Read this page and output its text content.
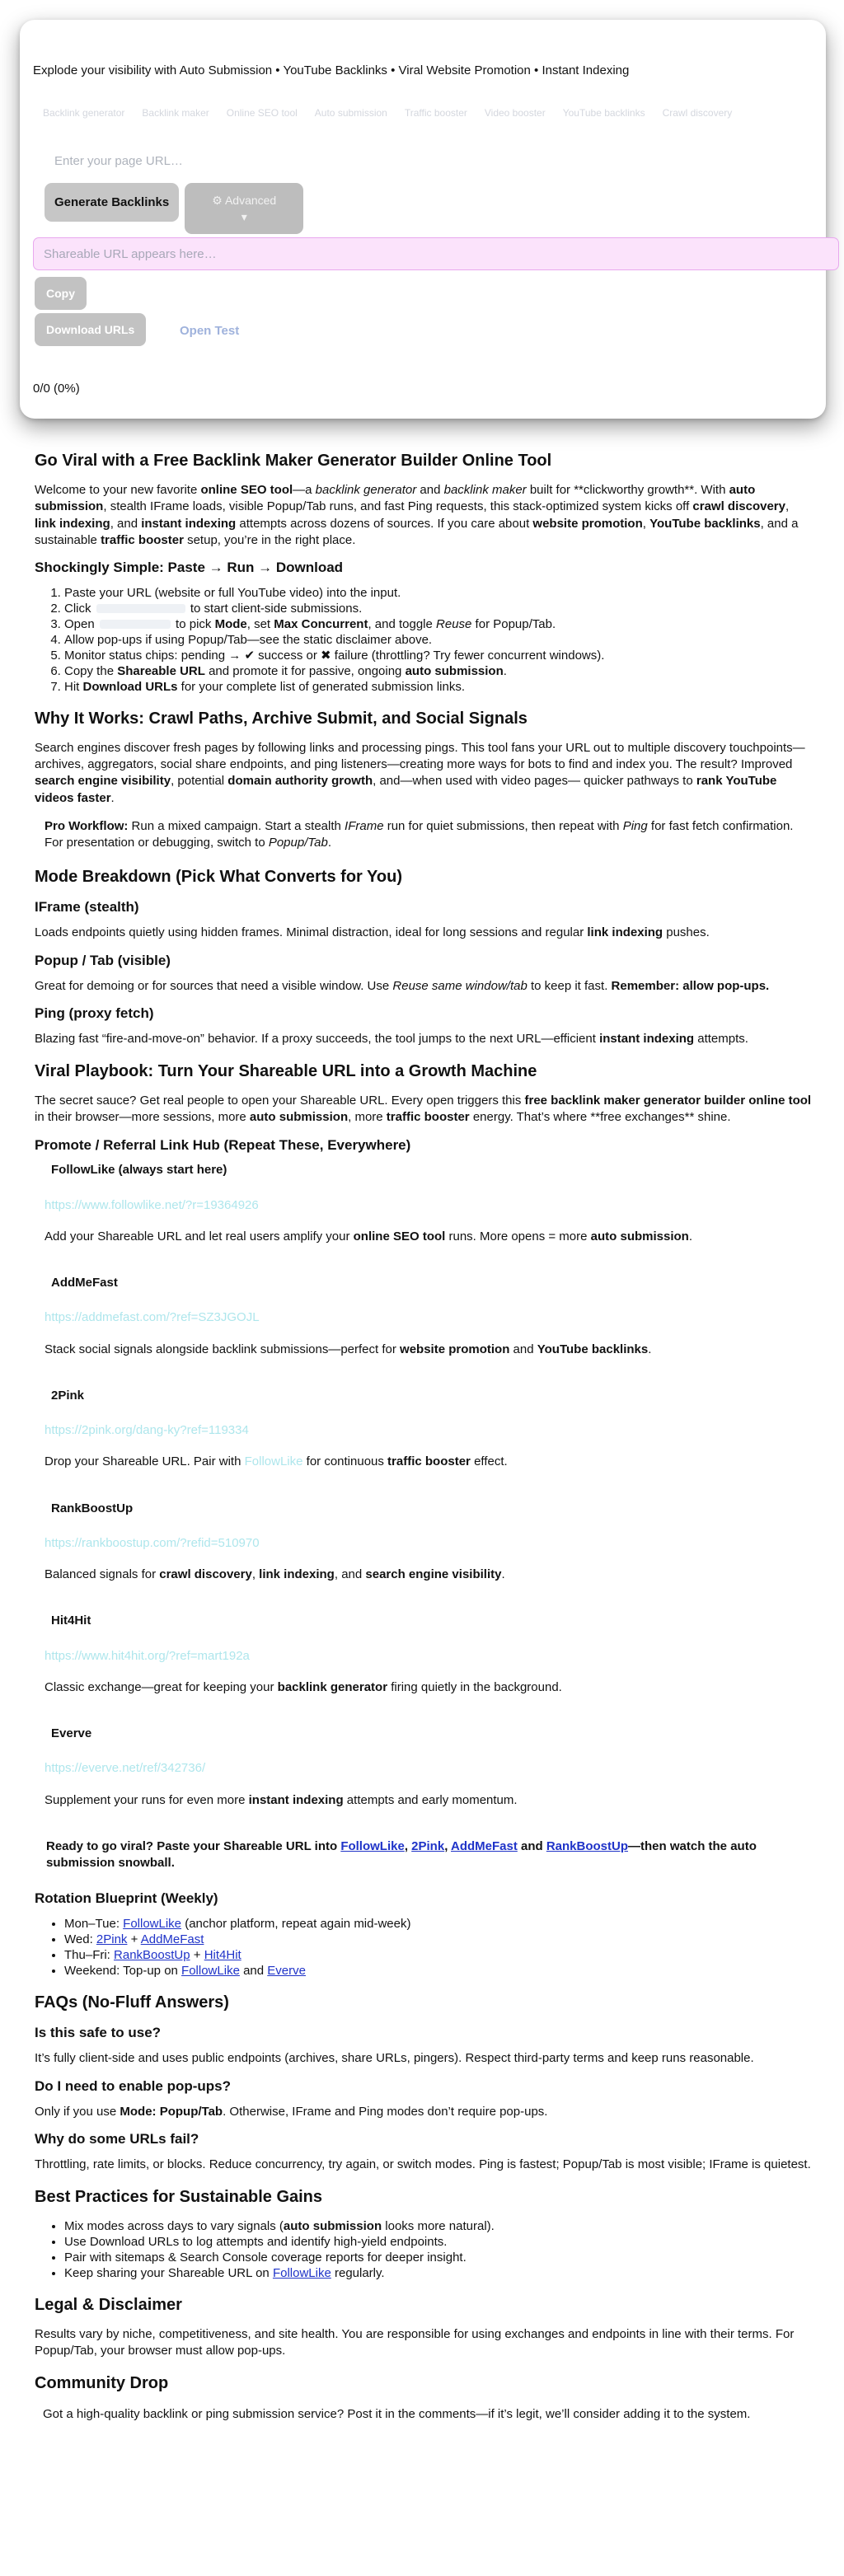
Explode your visibility with Auto Submission • YouTube Backlinks • Viral Website Promotion • Instant Indexing
Backlink generator Backlink maker Online SEO tool Auto submission Traffic booster Video booster YouTube backlinks Crawl discovery
Enter your page URL…
Generate Backlinks	⚙ Advanced
▾
Shareable URL appears here…
Copy
Download URLs	Open Test
0/0 (0%)
Go Viral with a Free Backlink Maker Generator Builder Online Tool

Welcome to your new favorite online SEO tool—a backlink generator and backlink maker built for **clickworthy growth**. With auto submission, stealth IFrame loads, visible Popup/Tab runs, and fast Ping requests, this stack-optimized system kicks off crawl discovery, link indexing, and instant indexing attempts across dozens of sources. If you care about website promotion, YouTube backlinks, and a sustainable traffic booster setup, you’re in the right place.

Shockingly Simple: Paste → Run → Download
1. Paste your URL (website or full YouTube video) into the input.
2. Click	to start client-side submissions.
3. Open	to pick Mode, set Max Concurrent, and toggle Reuse for Popup/Tab.
4. Allow pop-ups if using Popup/Tab—see the static disclaimer above.
5. Monitor status chips: pending → ✔ success or ✖ failure (throttling? Try fewer concurrent windows).
6. Copy the Shareable URL and promote it for passive, ongoing auto submission.
7. Hit Download URLs for your complete list of generated submission links.
Why It Works: Crawl Paths, Archive Submit, and Social Signals

Search engines discover fresh pages by following links and processing pings. This tool fans your URL out to multiple discovery touchpoints—archives, aggregators, social share endpoints, and ping listeners—creating more ways for bots to find and index you. The result? Improved search engine visibility, potential domain authority growth, and—when used with video pages— quicker pathways to rank YouTube videos faster.

Pro Workflow: Run a mixed campaign. Start a stealth IFrame run for quiet submissions, then repeat with Ping for fast fetch confirmation. For presentation or debugging, switch to Popup/Tab.

Mode Breakdown (Pick What Converts for You)
IFrame (stealth)

Loads endpoints quietly using hidden frames. Minimal distraction, ideal for long sessions and regular link indexing pushes.

Popup / Tab (visible)

Great for demoing or for sources that need a visible window. Use Reuse same window/tab to keep it fast. Remember: allow pop-ups.

Ping (proxy fetch)

Blazing fast “fire-and-move-on” behavior. If a proxy succeeds, the tool jumps to the next URL—efficient instant indexing attempts.

Viral Playbook: Turn Your Shareable URL into a Growth Machine

The secret sauce? Get real people to open your Shareable URL. Every open triggers this free backlink maker generator builder online tool in their browser—more sessions, more auto submission, more traffic booster energy. That’s where **free exchanges** shine.

Promote / Referral Link Hub (Repeat These, Everywhere)
FollowLike (always start here)
https://www.followlike.net/?r=19364926

Add your Shareable URL and let real users amplify your online SEO tool runs. More opens = more auto submission.

AddMeFast
https://addmefast.com/?ref=SZ3JGOJL

Stack social signals alongside backlink submissions—perfect for website promotion and YouTube backlinks.

2Pink
https://2pink.org/dang-ky?ref=119334

Drop your Shareable URL. Pair with FollowLike for continuous traffic booster effect.

RankBoostUp
https://rankboostup.com/?refid=510970

Balanced signals for crawl discovery, link indexing, and search engine visibility.

Hit4Hit
https://www.hit4hit.org/?ref=mart192a

Classic exchange—great for keeping your backlink generator firing quietly in the background.

Everve
https://everve.net/ref/342736/

Supplement your runs for even more instant indexing attempts and early momentum.

Ready to go viral? Paste your Shareable URL into FollowLike, 2Pink, AddMeFast and RankBoostUp—then watch the auto submission snowball.

Rotation Blueprint (Weekly)
• Mon–Tue: FollowLike (anchor platform, repeat again mid-week)
• Wed: 2Pink + AddMeFast
• Thu–Fri: RankBoostUp + Hit4Hit
• Weekend: Top-up on FollowLike and Everve
FAQs (No-Fluff Answers)
Is this safe to use?

It’s fully client-side and uses public endpoints (archives, share URLs, pingers). Respect third-party terms and keep runs reasonable.

Do I need to enable pop-ups?

Only if you use Mode: Popup/Tab. Otherwise, IFrame and Ping modes don’t require pop-ups.

Why do some URLs fail?

Throttling, rate limits, or blocks. Reduce concurrency, try again, or switch modes. Ping is fastest; Popup/Tab is most visible; IFrame is quietest.

Best Practices for Sustainable Gains
• Mix modes across days to vary signals (auto submission looks more natural).
• Use Download URLs to log attempts and identify high-yield endpoints.
• Pair with sitemaps & Search Console coverage reports for deeper insight.
• Keep sharing your Shareable URL on FollowLike regularly.
Legal & Disclaimer

Results vary by niche, competitiveness, and site health. You are responsible for using exchanges and endpoints in line with their terms. For Popup/Tab, your browser must allow pop-ups.

Community Drop

Got a high-quality backlink or ping submission service? Post it in the comments—if it’s legit, we’ll consider adding it to the system.
